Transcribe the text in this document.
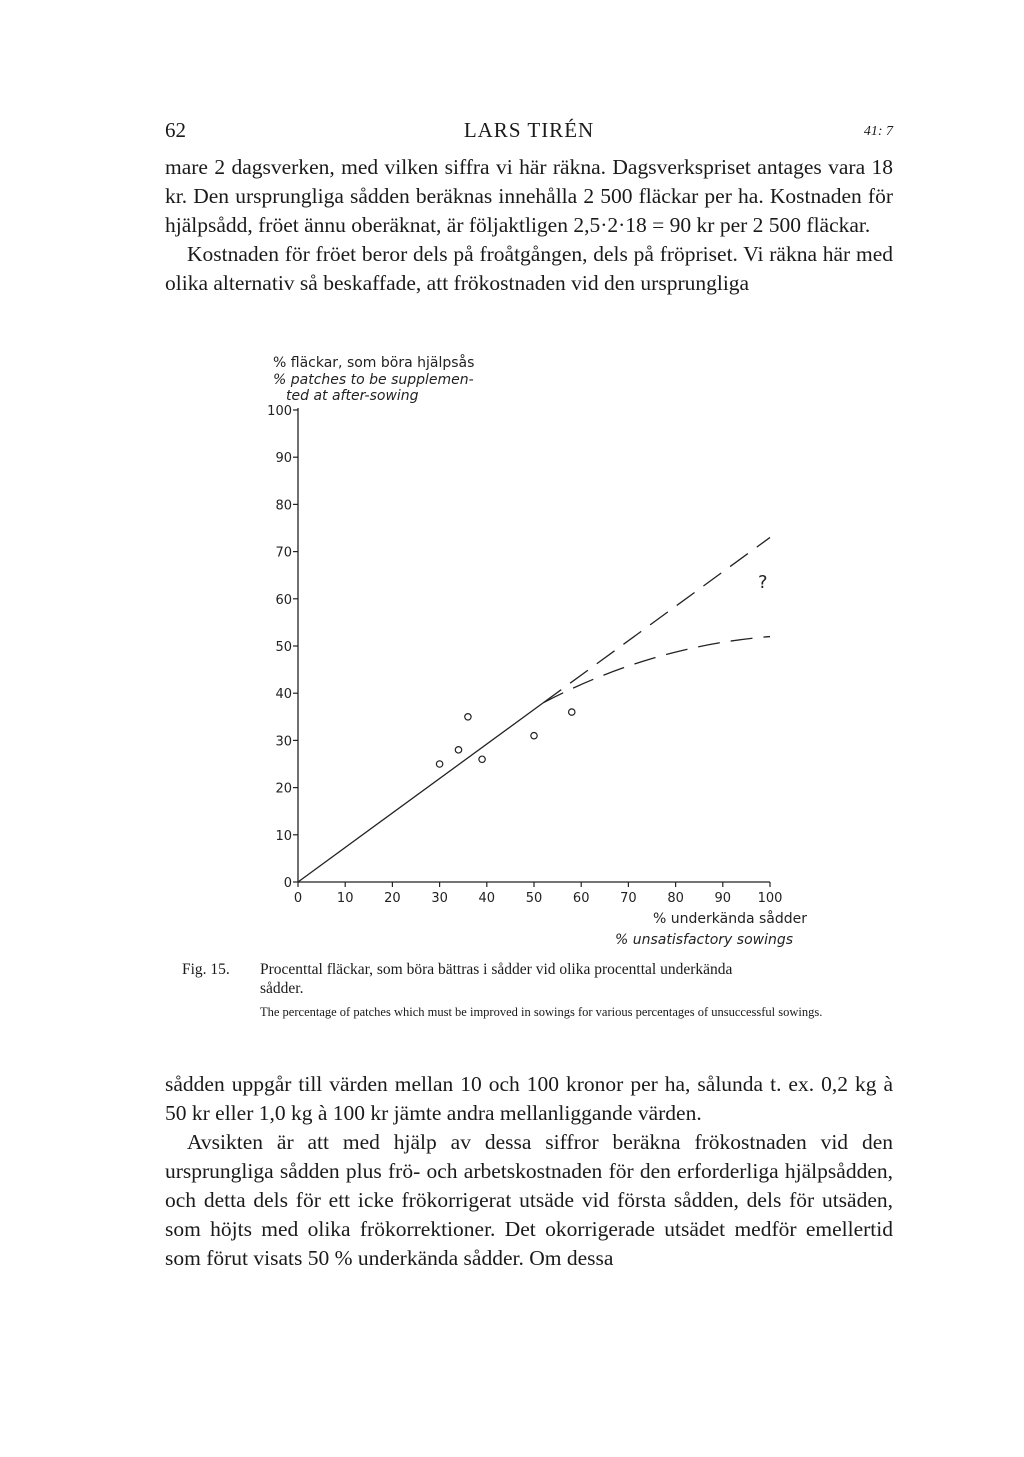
62	LARS TIRÉN	41: 7

mare 2 dagsverken, med vilken siffra vi här räkna. Dagsverkspriset antages vara 18 kr. Den ursprungliga sådden beräknas innehålla 2 500 fläckar per ha. Kostnaden för hjälpsådd, fröet ännu oberäknat, är följaktligen 2,5·2·18 = 90 kr per 2 500 fläckar.

Kostnaden för fröet beror dels på froåtgången, dels på fröpriset. Vi räkna här med olika alternativ så beskaffade, att frökostnaden vid den ursprungliga

% fläckar, som böra hjälpsås
% patches to be supplemen-
ted at after-sowing
0
10
20
30
40
50
60
70
80
90
100
0	10 20 30 40 50 60 70 80 90 100
?
% underkända sådder
% unsatisfactory sowings
Fig. 15. Procenttal fläckar, som böra bättras i sådder vid olika procenttal underkända
sådder.
The percentage of patches which must be improved in sowings for various percentages of unsuccessful sowings.

sådden uppgår till värden mellan 10 och 100 kronor per ha, sålunda t. ex. 0,2 kg à 50 kr eller 1,0 kg à 100 kr jämte andra mellanliggande värden.

Avsikten är att med hjälp av dessa siffror beräkna frökostnaden vid den ursprungliga sådden plus frö- och arbetskostnaden för den erforderliga hjälpsådden, och detta dels för ett icke frökorrigerat utsäde vid första sådden, dels för utsäden, som höjts med olika frökorrektioner. Det okorrigerade utsädet medför emellertid som förut visats 50 % underkända sådder. Om dessa
